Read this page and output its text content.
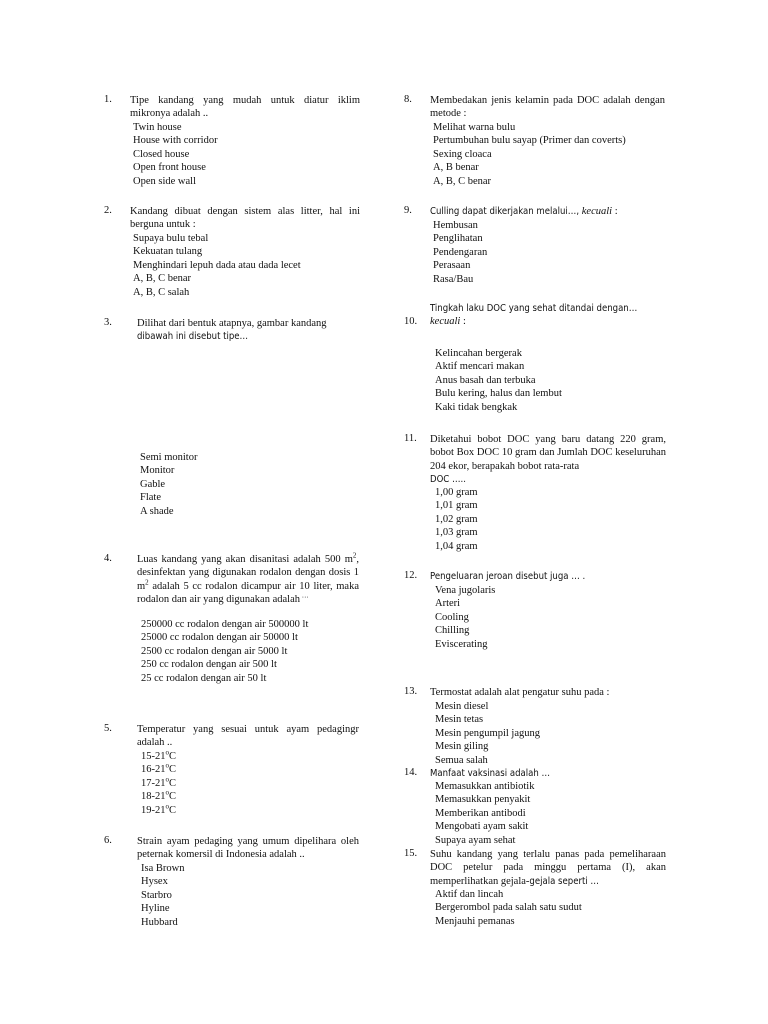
1. Tipe kandang yang mudah untuk diatur iklim mikronya adalah ..
Twin house
House with corridor
Closed house
Open front house
Open side wall
2. Kandang dibuat dengan sistem alas litter, hal ini berguna untuk :
Supaya bulu tebal
Kekuatan tulang
Menghindari lepuh dada atau dada lecet
A, B, C benar
A, B, C salah
3. Dilihat dari bentuk atapnya, gambar kandang
dibawah ini disebut tipe…
Semi monitor
Monitor
Gable
Flate
A shade
4. Luas kandang yang akan disanitasi adalah 500 $m^2$, desinfektan yang digunakan rodalon dengan dosis 1 $m^2$ adalah 5 cc rodalon dicampur air 10 liter, maka rodalon dan air yang digunakan adalah …
250000 cc rodalon dengan air 500000 lt
25000 cc rodalon dengan air 50000 lt
2500 cc rodalon dengan air 5000 lt
250 cc rodalon dengan air 500 lt
25 cc rodalon dengan air 50 lt
5. Temperatur yang sesuai untuk ayam pedagingr adalah ..
15-21$^o$C
16-21$^o$C
17-21$^o$C
18-21$^o$C
19-21$^o$C
6. Strain ayam pedaging yang umum dipelihara oleh peternak komersil di Indonesia adalah ..
Isa Brown
Hysex
Starbro
Hyline
Hubbard
8. Membedakan jenis kelamin pada DOC adalah dengan metode :
Melihat warna bulu
Pertumbuhan bulu sayap (Primer dan coverts)
Sexing cloaca
A, B benar
A, B, C benar
9. Culling dapat dikerjakan melalui…, kecuali :
Hembusan
Penglihatan
Pendengaran
Perasaan
Rasa/Bau
10.
Tingkah laku DOC yang sehat ditandai dengan…
kecuali :
Kelincahan bergerak
Aktif mencari makan
Anus basah dan terbuka
Bulu kering, halus dan lembut
Kaki tidak bengkak
11. Diketahui bobot DOC yang baru datang 220 gram, bobot Box DOC 10 gram dan Jumlah DOC keseluruhan 204 ekor, berapakah bobot rata-rata
DOC …..
1,00 gram
1,01 gram
1,02 gram
1,03 gram
1,04 gram
12. Pengeluaran jeroan disebut juga … .
Vena jugolaris
Arteri
Cooling
Chilling
Eviscerating
13. Termostat adalah alat pengatur suhu pada :
Mesin diesel
Mesin tetas
Mesin pengumpil jagung
Mesin giling
Semua salah
14. Manfaat vaksinasi adalah …
Memasukkan antibiotik
Memasukkan penyakit
Memberikan antibodi
Mengobati ayam sakit
Supaya ayam sehat
15. Suhu kandang yang terlalu panas pada pemeliharaan DOC petelur pada minggu pertama (I), akan memperlihatkan gejala-gejala seperti …
Aktif dan lincah
Bergerombol pada salah satu sudut
Menjauhi pemanas
